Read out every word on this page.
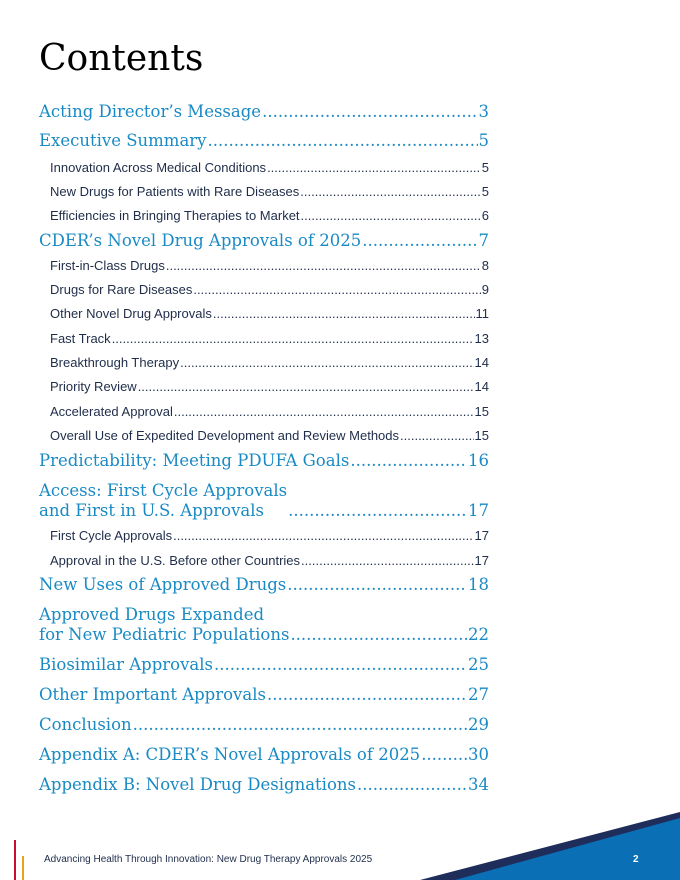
Contents
Acting Director’s Message .....	3
Executive Summary .....	5
Innovation Across Medical Conditions .....	5
New Drugs for Patients with Rare Diseases .....	5
Efficiencies in Bringing Therapies to Market .....	6
CDER’s Novel Drug Approvals of 2025 .....	7
First-in-Class Drugs .....	8
Drugs for Rare Diseases .....	9
Other Novel Drug Approvals .....	11
Fast Track .....	13
Breakthrough Therapy .....	14
Priority Review .....	14
Accelerated Approval .....	15
Overall Use of Expedited Development and Review Methods .....	15
Predictability: Meeting PDUFA Goals .....	16
Access: First Cycle Approvals
and First in U.S. Approvals .....	17
First Cycle Approvals .....	17
Approval in the U.S. Before other Countries .....	17
New Uses of Approved Drugs .....	18
Approved Drugs Expanded
for New Pediatric Populations .....	22
Biosimilar Approvals .....	25
Other Important Approvals .....	27
Conclusion .....	29
Appendix A: CDER’s Novel Approvals of 2025 .....	30
Appendix B: Novel Drug Designations .....	34
Advancing Health Through Innovation: New Drug Therapy Approvals 2025	2
